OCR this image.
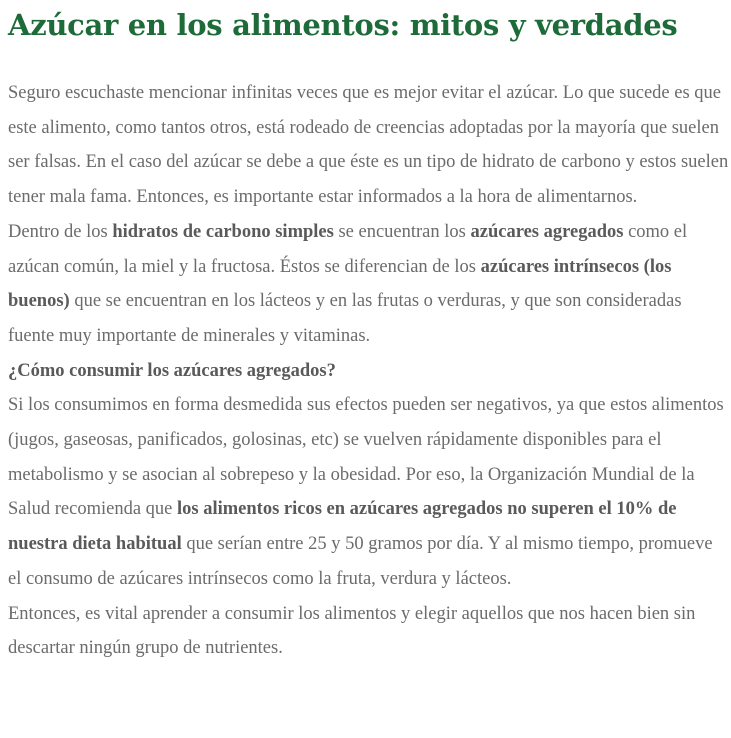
Azúcar en los alimentos: mitos y verdades

Seguro escuchaste mencionar infinitas veces que es mejor evitar el azúcar. Lo que sucede es que este alimento, como tantos otros, está rodeado de creencias adoptadas por la mayoría que suelen ser falsas. En el caso del azúcar se debe a que éste es un tipo de hidrato de carbono y estos suelen tener mala fama. Entonces, es importante estar informados a la hora de alimentarnos.

Dentro de los hidratos de carbono simples se encuentran los azúcares agregados como el azúcan común, la miel y la fructosa. Éstos se diferencian de los azúcares intrínsecos (los buenos) que se encuentran en los lácteos y en las frutas o verduras, y que son consideradas fuente muy importante de minerales y vitaminas.

¿Cómo consumir los azúcares agregados?

Si los consumimos en forma desmedida sus efectos pueden ser negativos, ya que estos alimentos (jugos, gaseosas, panificados, golosinas, etc) se vuelven rápidamente disponibles para el metabolismo y se asocian al sobrepeso y la obesidad. Por eso, la Organización Mundial de la Salud recomienda que los alimentos ricos en azúcares agregados no superen el 10% de nuestra dieta habitual que serían entre 25 y 50 gramos por día. Y al mismo tiempo, promueve el consumo de azúcares intrínsecos como la fruta, verdura y lácteos.

Entonces, es vital aprender a consumir los alimentos y elegir aquellos que nos hacen bien sin descartar ningún grupo de nutrientes.
